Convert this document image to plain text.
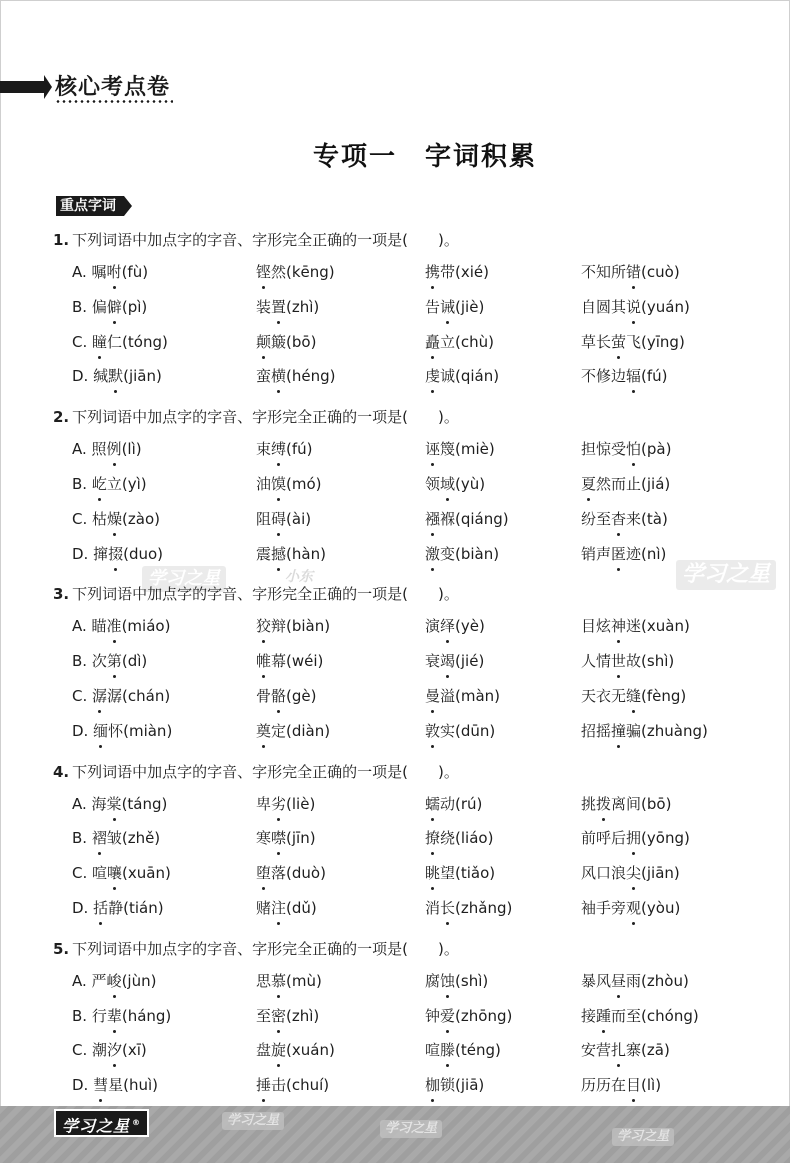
核心考点卷
专项一　字词积累
重点字词
学习之星	小东	学习之星
1. 下列词语中加点字的字音、字形完全正确的一项是(　　)。
A. 嘱咐(fù)	铿然(kēng)	携带(xié)	不知所错(cuò)
B. 偏僻(pì)	装置(zhì)	告诫(jiè)	自圆其说(yuán)
C. 瞳仁(tóng)	颠簸(bō)	矗立(chù)	草长萤飞(yīng)
D. 缄默(jiān)	蛮横(héng)	虔诚(qián)	不修边辐(fú)
2. 下列词语中加点字的字音、字形完全正确的一项是(　　)。
A. 照例(lì)	束缚(fú)	诬篾(miè)	担惊受怕(pà)
B. 屹立(yì)	油馍(mó)	领域(yù)	夏然而止(jiá)
C. 枯燥(zào)	阻碍(ài)	襁褓(qiáng)	纷至杳来(tà)
D. 撺掇(duo)	震撼(hàn)	激变(biàn)	销声匿迹(nì)
3. 下列词语中加点字的字音、字形完全正确的一项是(　　)。
A. 瞄准(miáo)	狡辩(biàn)	演绎(yè)	目炫神迷(xuàn)
B. 次第(dì)	帷幕(wéi)	衰竭(jié)	人情世故(shì)
C. 潺潺(chán)	骨骼(gè)	曼溢(màn)	天衣无缝(fèng)
D. 缅怀(miàn)	奠定(diàn)	敦实(dūn)	招摇撞骗(zhuàng)
4. 下列词语中加点字的字音、字形完全正确的一项是(　　)。
A. 海棠(táng)	卑劣(liè)	蠕动(rú)	挑拨离间(bō)
B. 褶皱(zhě)	寒噤(jīn)	撩绕(liáo)	前呼后拥(yōng)
C. 喧嚷(xuān)	堕落(duò)	眺望(tiǎo)	风口浪尖(jiān)
D. 括静(tián)	赌注(dǔ)	消长(zhǎng)	袖手旁观(yòu)
5. 下列词语中加点字的字音、字形完全正确的一项是(　　)。
A. 严峻(jùn)	思慕(mù)	腐蚀(shì)	暴风昼雨(zhòu)
B. 行辈(háng)	至密(zhì)	钟爱(zhōng)	接踵而至(chóng)
C. 潮汐(xī)	盘旋(xuán)	喧滕(téng)	安营扎寨(zā)
D. 彗星(huì)	捶击(chuí)	枷锁(jiā)	历历在目(lì)
学习之星 ®	学习之星
学习之星
学习之星
